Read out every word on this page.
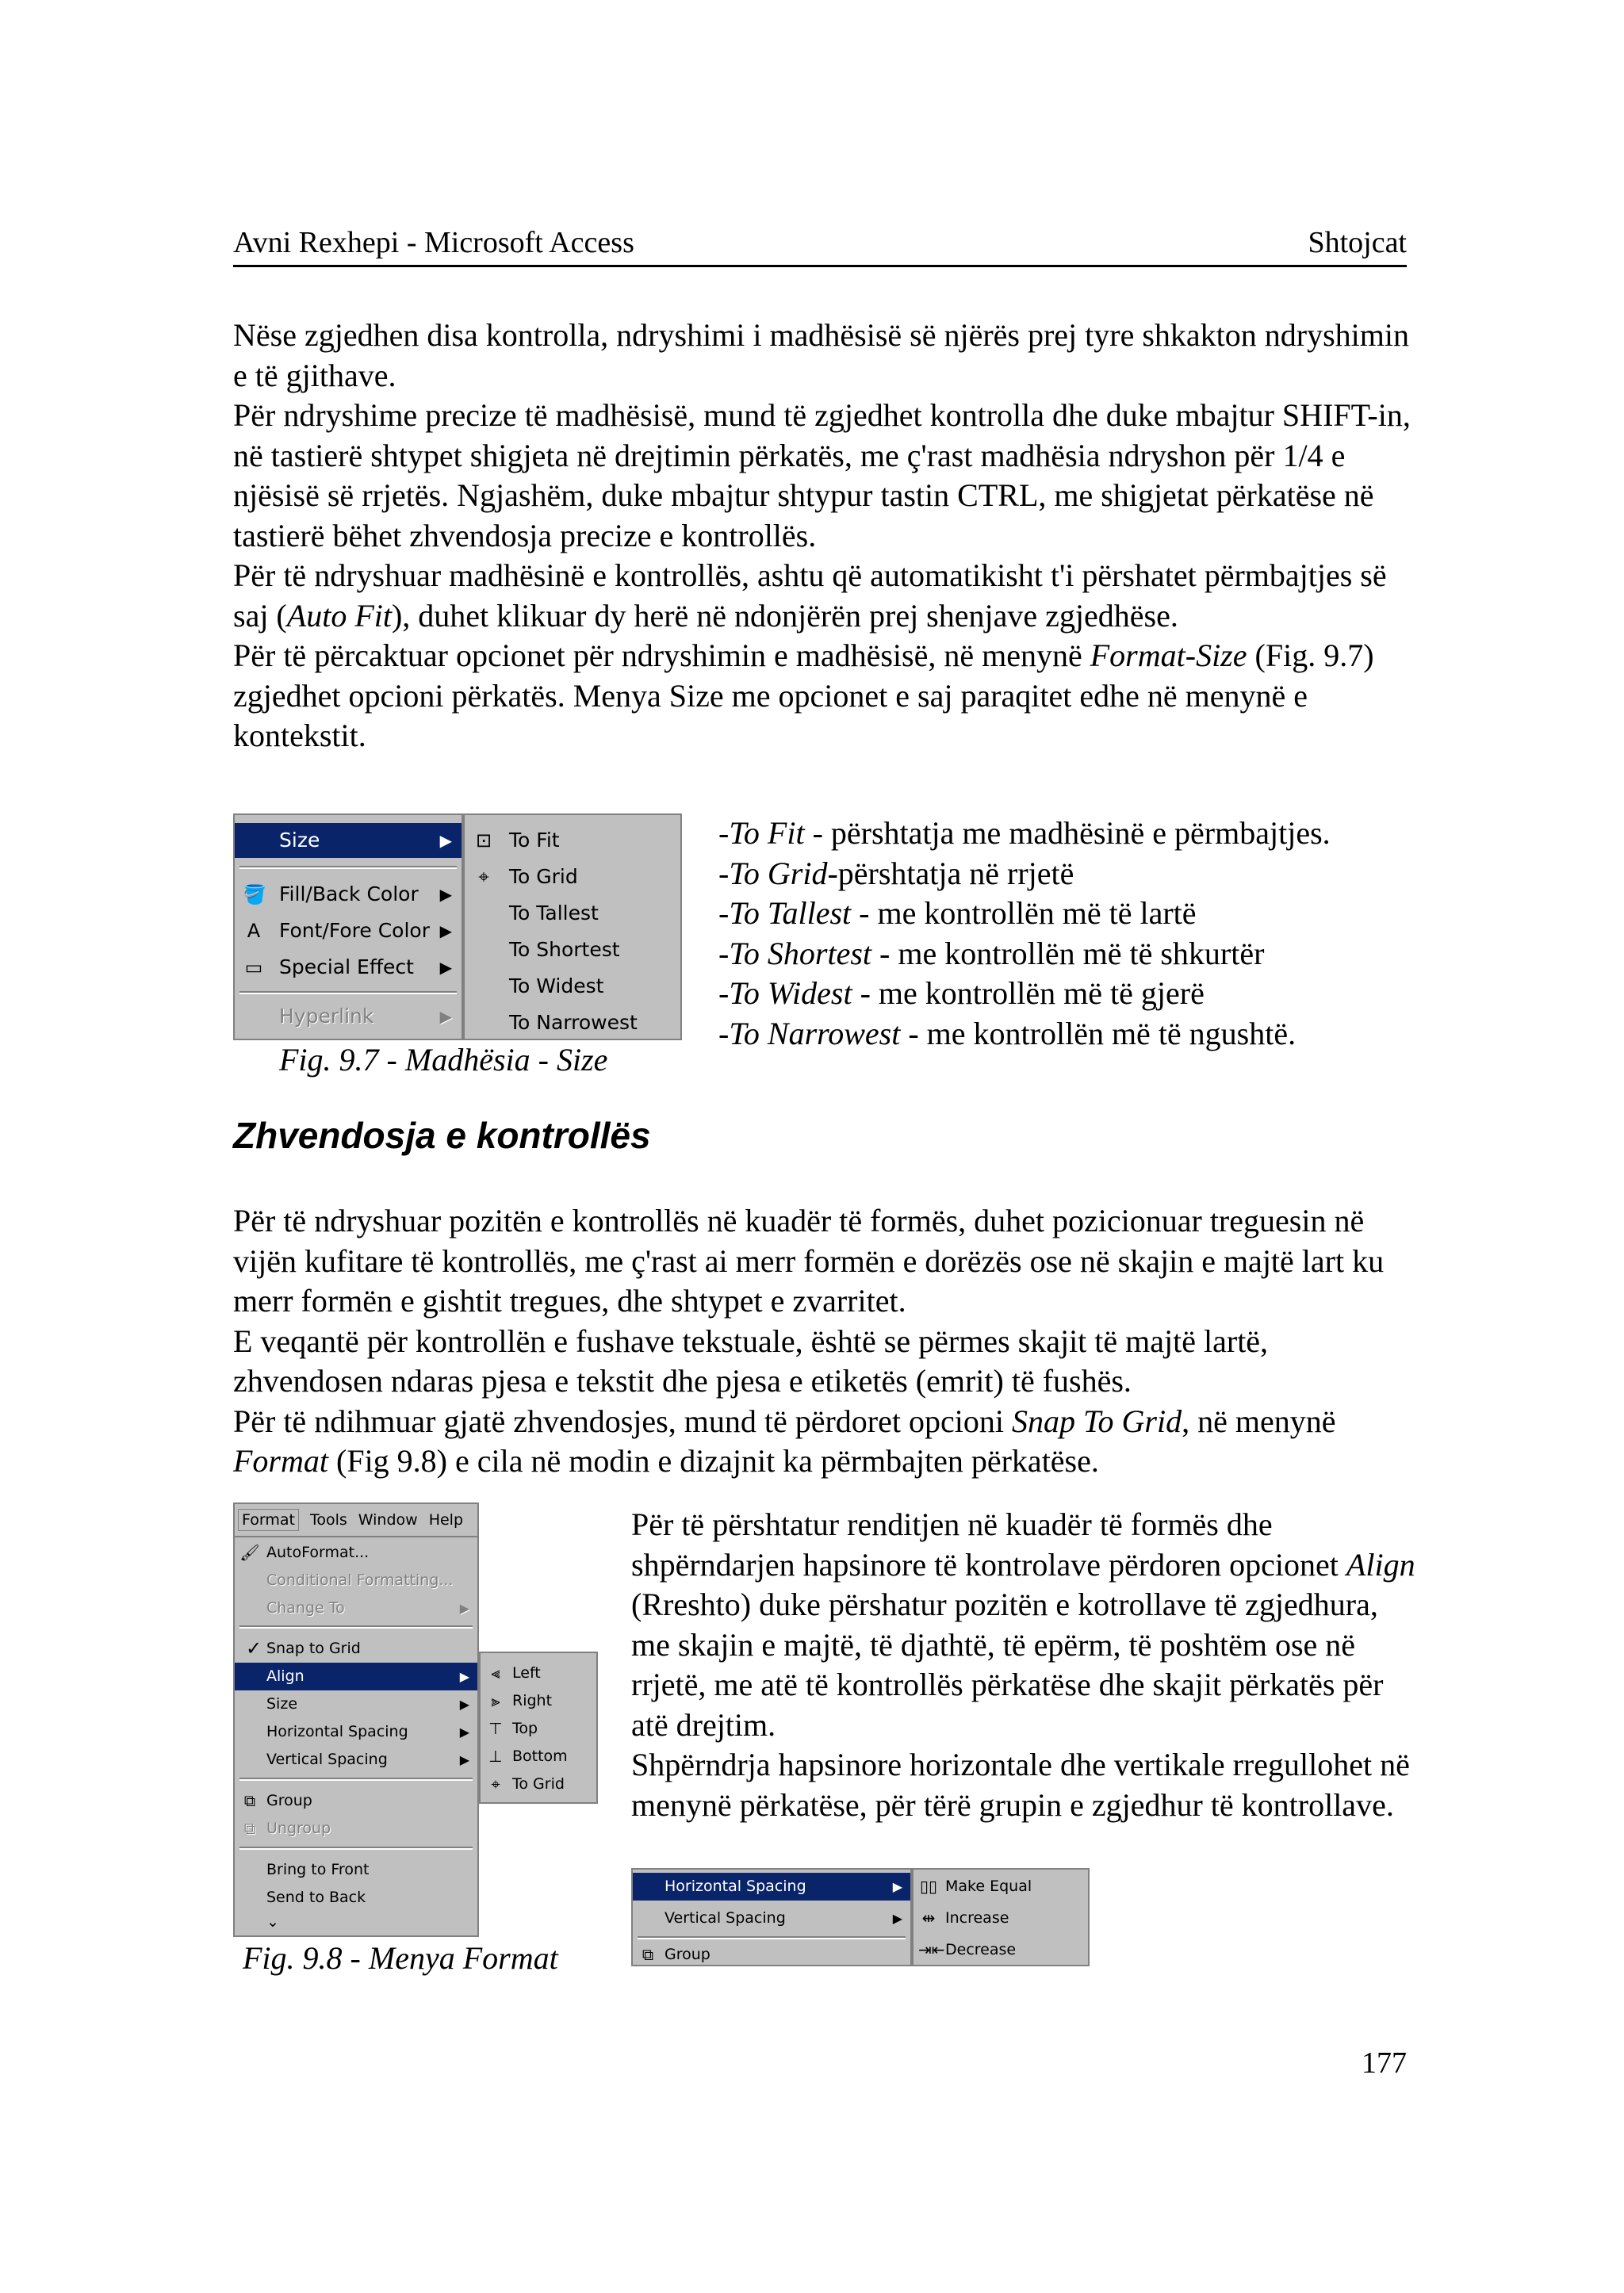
Avni Rexhepi - Microsoft Access	Shtojcat

Nëse zgjedhen disa kontrolla, ndryshimi i madhësisë së njërës prej tyre shkakton ndryshimin e të gjithave.

Për ndryshime precize të madhësisë, mund të zgjedhet kontrolla dhe duke mbajtur SHIFT-in, në tastierë shtypet shigjeta në drejtimin përkatës, me ç'rast madhësia ndryshon për 1/4 e njësisë së rrjetës. Ngjashëm, duke mbajtur shtypur tastin CTRL, me shigjetat përkatëse në tastierë bëhet zhvendosja precize e kontrollës.

Për të ndryshuar madhësinë e kontrollës, ashtu që automatikisht t'i përshatet përmbajtjes së saj (Auto Fit), duhet klikuar dy herë në ndonjërën prej shenjave zgjedhëse.

Për të përcaktuar opcionet për ndryshimin e madhësisë, në menynë Format-Size (Fig. 9.7) zgjedhet opcioni përkatës. Menya Size me opcionet e saj paraqitet edhe në menynë e kontekstit.

Size	▶
🪣 Fill/Back Color ▶
A Font/Fore Color ▶
▭ Special Effect ▶
Hyperlink	▶
⊡ To Fit
⌖ To Grid
To Tallest
To Shortest
To Widest
To Narrowest
Fig. 9.7 - Madhësia - Size
-To Fit - përshtatja me madhësinë e përmbajtjes.
-To Grid-përshtatja në rrjetë
-To Tallest - me kontrollën më të lartë
-To Shortest - me kontrollën më të shkurtër
-To Widest - me kontrollën më të gjerë
-To Narrowest - me kontrollën më të ngushtë.
Zhvendosja e kontrollës

Për të ndryshuar pozitën e kontrollës në kuadër të formës, duhet pozicionuar treguesin në vijën kufitare të kontrollës, me ç'rast ai merr formën e dorëzës ose në skajin e majtë lart ku merr formën e gishtit tregues, dhe shtypet e zvarritet.

E veqantë për kontrollën e fushave tekstuale, është se përmes skajit të majtë lartë, zhvendosen ndaras pjesa e tekstit dhe pjesa e etiketës (emrit) të fushës.

Për të ndihmuar gjatë zhvendosjes, mund të përdoret opcioni Snap To Grid, në menynë Format (Fig 9.8) e cila në modin e dizajnit ka përmbajten përkatëse.

Format Tools Window Help
🖌 AutoFormat...
Conditional Formatting...
Change To	▶
✓ Snap to Grid
Align	▶
Size	▶
Horizontal Spacing	▶
Vertical Spacing	▶
⧉ Group
⧉ Ungroup
Bring to Front
Send to Back
⌄
⫷ Left
⫸ Right
⊤ Top
⊥ Bottom
⌖ To Grid
Fig. 9.8 - Menya Format

Për të përshtatur renditjen në kuadër të formës dhe shpërndarjen hapsinore të kontrolave përdoren opcionet Align (Rreshto) duke përshatur pozitën e kotrollave të zgjedhura, me skajin e majtë, të djathtë, të epërm, të poshtëm ose në rrjetë, me atë të kontrollës përkatëse dhe skajit përkatës për atë drejtim.

Shpërndrja hapsinore horizontale dhe vertikale rregullohet në menynë përkatëse, për tërë grupin e zgjedhur të kontrollave.

Horizontal Spacing	▶
Vertical Spacing	▶
⧉ Group
▯▯ Make Equal
⇹ Increase
⇥⇤ Decrease
177
